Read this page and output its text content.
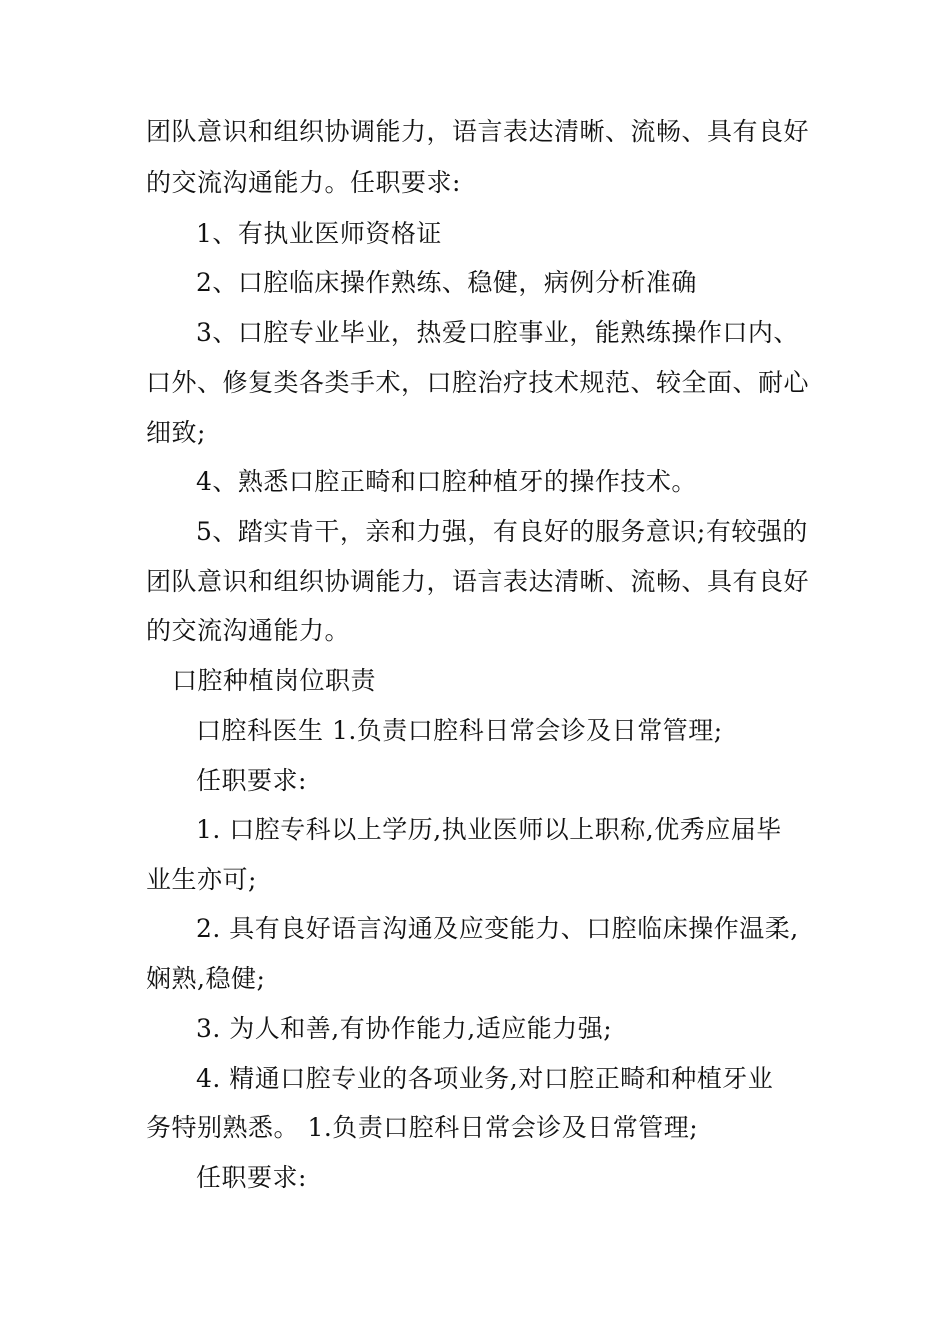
团队意识和组织协调能力，语言表达清晰、流畅、具有良好
的交流沟通能力。任职要求:
1、有执业医师资格证
2、口腔临床操作熟练、稳健，病例分析准确
3、口腔专业毕业，热爱口腔事业，能熟练操作口内、
口外、修复类各类手术，口腔治疗技术规范、较全面、耐心
细致;
4、熟悉口腔正畸和口腔种植牙的操作技术。
5、踏实肯干，亲和力强，有良好的服务意识;有较强的
团队意识和组织协调能力，语言表达清晰、流畅、具有良好
的交流沟通能力。
口腔种植岗位职责
口腔科医生 1.负责口腔科日常会诊及日常管理;
任职要求:
1. 口腔专科以上学历,执业医师以上职称,优秀应届毕
业生亦可;
2. 具有良好语言沟通及应变能力、口腔临床操作温柔,
娴熟,稳健;
3. 为人和善,有协作能力,适应能力强;
4. 精通口腔专业的各项业务,对口腔正畸和种植牙业
务特别熟悉。 1.负责口腔科日常会诊及日常管理;
任职要求:
